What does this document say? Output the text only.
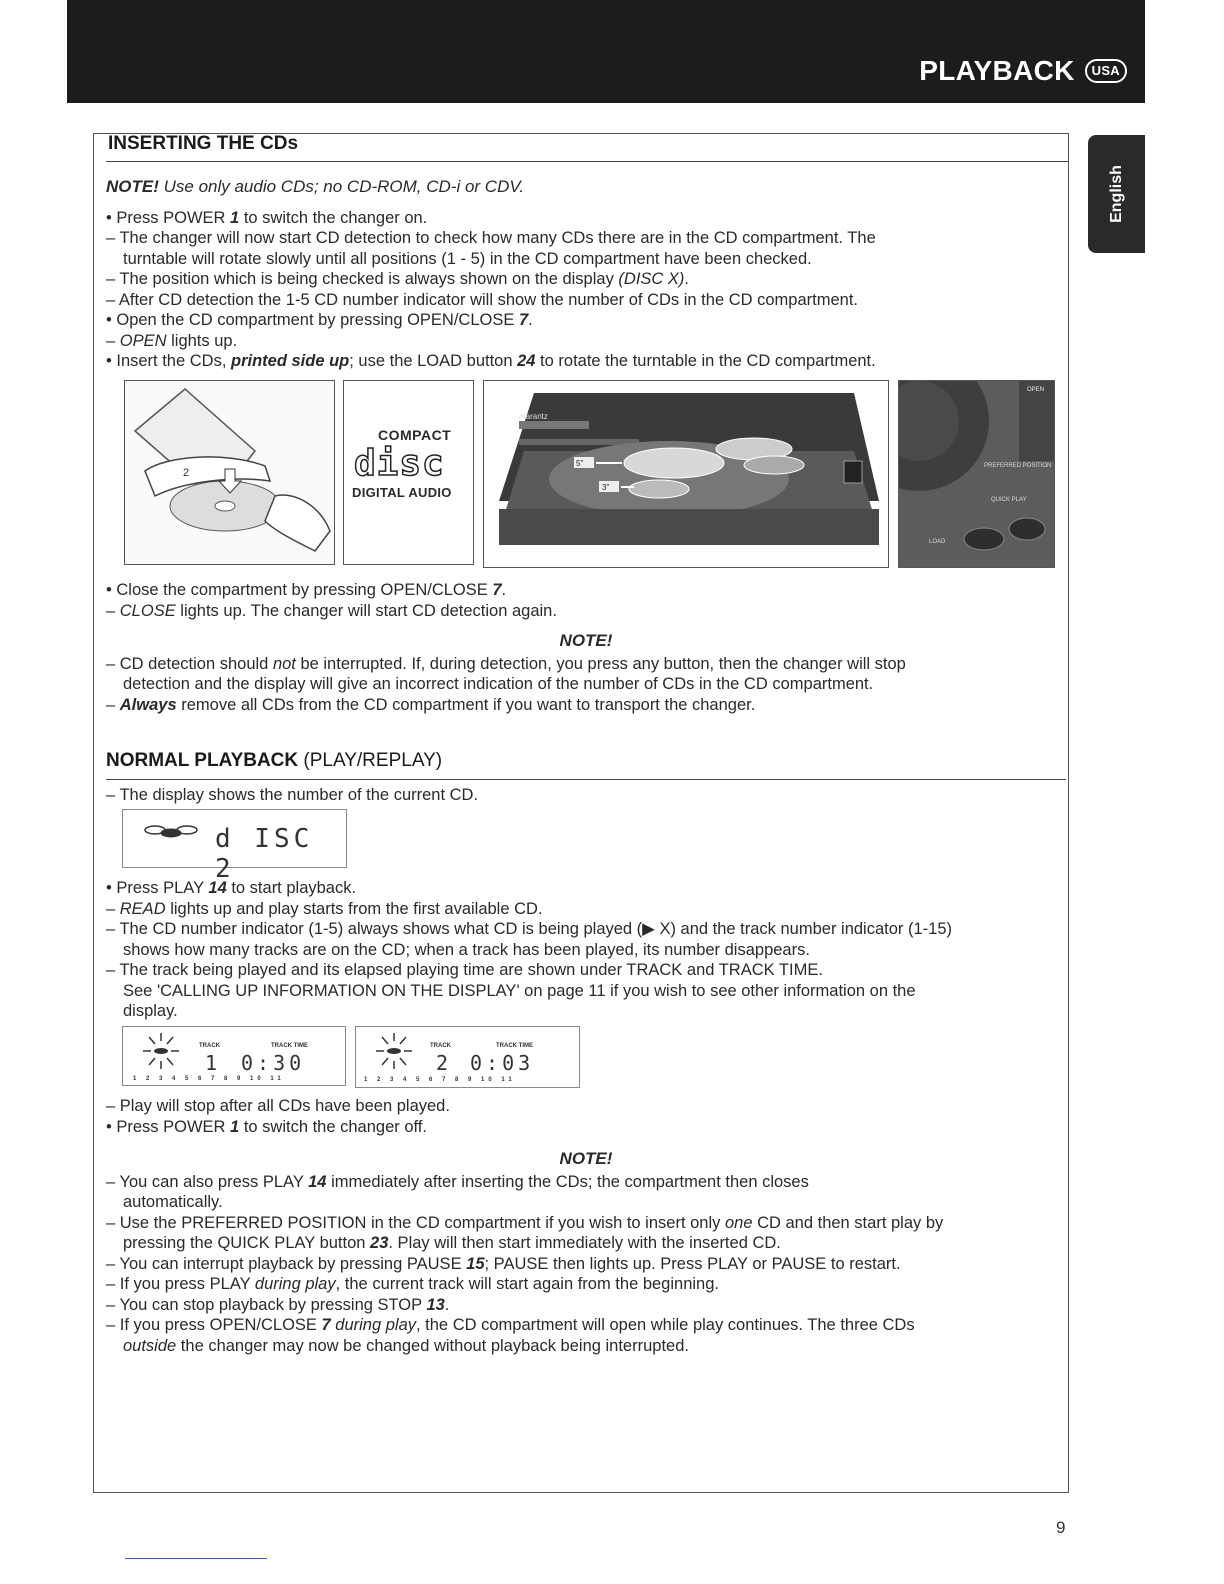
PLAYBACK	USA
English
INSERTING THE CDs
NOTE! Use only audio CDs; no CD-ROM, CD-i or CDV.
• Press POWER 1 to switch the changer on.
– The changer will now start CD detection to check how many CDs there are in the CD compartment. The
turntable will rotate slowly until all positions (1 - 5) in the CD compartment have been checked.
– The position which is being checked is always shown on the display (DISC X).
– After CD detection the 1-5 CD number indicator will show the number of CDs in the CD compartment.
• Open the CD compartment by pressing OPEN/CLOSE 7.
– OPEN lights up.
• Insert the CDs, printed side up; use the LOAD button 24 to rotate the turntable in the CD compartment.
2
COMPACT
disc
DIGITAL AUDIO
marantz
5"
3"
OPEN
PREFERRED POSITION
QUICK PLAY
LOAD
• Close the compartment by pressing OPEN/CLOSE 7.
– CLOSE lights up. The changer will start CD detection again.
NOTE!
– CD detection should not be interrupted. If, during detection, you press any button, then the changer will stop
detection and the display will give an incorrect indication of the number of CDs in the CD compartment.
– Always remove all CDs from the CD compartment if you want to transport the changer.
NORMAL PLAYBACK (PLAY/REPLAY)
– The display shows the number of the current CD.
d ISC 2
• Press PLAY 14 to start playback.
– READ lights up and play starts from the first available CD.
– The CD number indicator (1-5) always shows what CD is being played (▶ X) and the track number indicator (1-15)
shows how many tracks are on the CD; when a track has been played, its number disappears.
– The track being played and its elapsed playing time are shown under TRACK and TRACK TIME.
See 'CALLING UP INFORMATION ON THE DISPLAY' on page 11 if you wish to see other information on the
display.
TRACK	TRACK TIME
1 0:30
1 2 3 4 5 6 7 8 9 10 11
TRACK	TRACK TIME
2 0:03
1 2 3 4 5 6 7 8 9 10 11
– Play will stop after all CDs have been played.
• Press POWER 1 to switch the changer off.
NOTE!
– You can also press PLAY 14 immediately after inserting the CDs; the compartment then closes
automatically.
– Use the PREFERRED POSITION in the CD compartment if you wish to insert only one CD and then start play by
pressing the QUICK PLAY button 23. Play will then start immediately with the inserted CD.
– You can interrupt playback by pressing PAUSE 15; PAUSE then lights up. Press PLAY or PAUSE to restart.
– If you press PLAY during play, the current track will start again from the beginning.
– You can stop playback by pressing STOP 13.
– If you press OPEN/CLOSE 7 during play, the CD compartment will open while play continues. The three CDs
outside the changer may now be changed without playback being interrupted.
9
